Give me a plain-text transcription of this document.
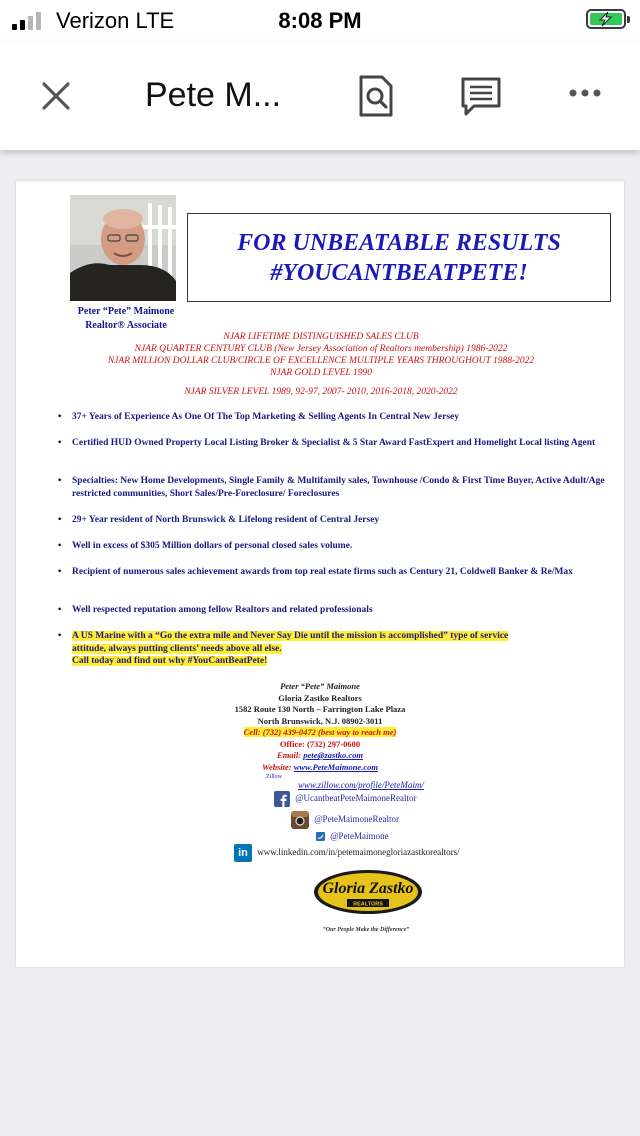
Verizon LTE	8:08 PM
Pete M...
FOR UNBEATABLE RESULTS
#YOUCANTBEATPETE!
Peter “Pete” Maimone
Realtor® Associate
NJAR LIFETIME DISTINGUISHED SALES CLUB
NJAR QUARTER CENTURY CLUB (New Jersey Association of Realtors membership) 1986-2022
NJAR MILLION DOLLAR CLUB/CIRCLE OF EXCELLENCE MULTIPLE YEARS THROUGHOUT 1988-2022
NJAR GOLD LEVEL 1990
NJAR SILVER LEVEL 1989, 92-97, 2007- 2010, 2016-2018, 2020-2022
• 37+ Years of Experience As One Of The Top Marketing & Selling Agents In Central New Jersey
• Certified HUD Owned Property Local Listing Broker & Specialist & 5 Star Award FastExpert and Homelight Local listing Agent
• Specialties: New Home Developments, Single Family & Multifamily sales, Townhouse /Condo & First Time Buyer, Active Adult/Age restricted communities, Short Sales/Pre-Foreclosure/ Foreclosures
• 29+ Year resident of North Brunswick & Lifelong resident of Central Jersey
• Well in excess of $305 Million dollars of personal closed sales volume.
• Recipient of numerous sales achievement awards from top real estate firms such as Century 21, Coldwell Banker & Re/Max
• Well respected reputation among fellow Realtors and related professionals
• A US Marine with a “Go the extra mile and Never Say Die until the mission is accomplished” type of service
attitude, always putting clients’ needs above all else.
Call today and find out why #YouCantBeatPete!
Peter “Pete” Maimone
Gloria Zastko Realtors
1582 Route 130 North – Farrington Lake Plaza
North Brunswick, N.J. 08902-3011
Cell: (732) 439-0472 (best way to reach me)
Office: (732) 297-0600
Email: pete@zastko.com
Website: www.PeteMaimone.com
Zillow
www.zillow.com/profile/PeteMaim/
@UcantbeatPeteMaimoneRealtor
@PeteMaimoneRealtor
@PeteMaimone
in www.linkedin.com/in/petemaimonegloriazastkorealtors/
Gloria Zastko
REALTORS
“Our People Make the Difference”
